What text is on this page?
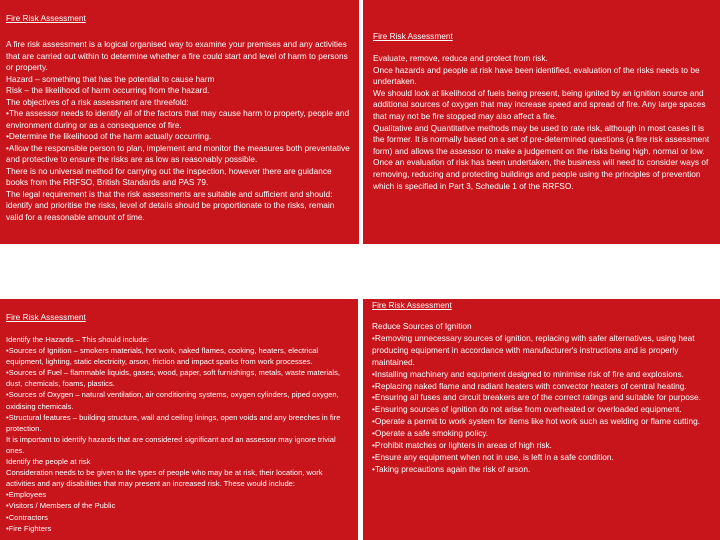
Fire Risk Assessment

A fire risk assessment is a logical organised way to examine your premises and any activities that are carried out within to determine whether a fire could start and level of harm to persons or property.

Hazard – something that has the potential to cause harm

Risk – the likelihood of harm occurring from the hazard.

The objectives of a risk assessment are threefold:

•The assessor needs to identify all of the factors that may cause harm to property, people and environment during or as a consequence of fire.

•Determine the likelihood of the harm actually occurring.

•Allow the responsible person to plan, implement and monitor the measures both preventative and protective to ensure the risks are as low as reasonably possible.

There is no universal method for carrying out the inspection, however there are guidance books from the RRFSO, British Standards and PAS 79.

The legal requirement is that the risk assessments are suitable and sufficient and should: identify and prioritise the risks, level of details should be proportionate to the risks, remain valid for a reasonable amount of time.

Fire Risk Assessment

Evaluate, remove, reduce and protect from risk.

Once hazards and people at risk have been identified, evaluation of the risks needs to be undertaken.

We should look at likelihood of fuels being present, being ignited by an ignition source and additional sources of oxygen that may increase speed and spread of fire. Any large spaces that may not be fire stopped may also affect a fire.

Qualitative and Quantitative methods may be used to rate risk, although in most cases it is the former. It is normally based on a set of pre-determined questions (a fire risk assessment form) and allows the assessor to make a judgement on the risks being high, normal or low.

Once an evaluation of risk has been undertaken, the business will need to consider ways of removing, reducing and protecting buildings and people using the principles of prevention which is specified in Part 3, Schedule 1 of the RRFSO.

Fire Risk Assessment

Identify the Hazards – This should include:

•Sources of Ignition – smokers materials, hot work, naked flames, cooking, heaters, electrical equipment, lighting, static electricity, arson, friction and impact sparks from work processes.

•Sources of Fuel – flammable liquids, gases, wood, paper, soft furnishings, metals, waste materials, dust, chemicals, foams, plastics.

•Sources of Oxygen – natural ventilation, air conditioning systems, oxygen cylinders, piped oxygen, oxidising chemicals.

•Structural features – building structure, wall and ceiling linings, open voids and any breeches in fire protection.

It is important to identify hazards that are considered significant and an assessor may ignore trivial ones.

Identify the people at risk

Consideration needs to be given to the types of people who may be at risk, their location, work activities and any disabilities that may present an increased risk. These would include:

•Employees

•Visitors / Members of the Public

•Contractors

•Fire Fighters

Fire Risk Assessment

Reduce Sources of Ignition

•Removing unnecessary sources of ignition, replacing with safer alternatives, using heat producing equipment in accordance with manufacturer's instructions and is properly maintained.

•Installing machinery and equipment designed to minimise risk of fire and explosions.

•Replacing naked flame and radiant heaters with convector heaters of central heating.

•Ensuring all fuses and circuit breakers are of the correct ratings and suitable for purpose.

•Ensuring sources of ignition do not arise from overheated or overloaded equipment.

•Operate a permit to work system for items like hot work such as welding or flame cutting.

•Operate a safe smoking policy.

•Prohibit matches or lighters in areas of high risk.

•Ensure any equipment when not in use, is left in a safe condition.

•Taking precautions again the risk of arson.
